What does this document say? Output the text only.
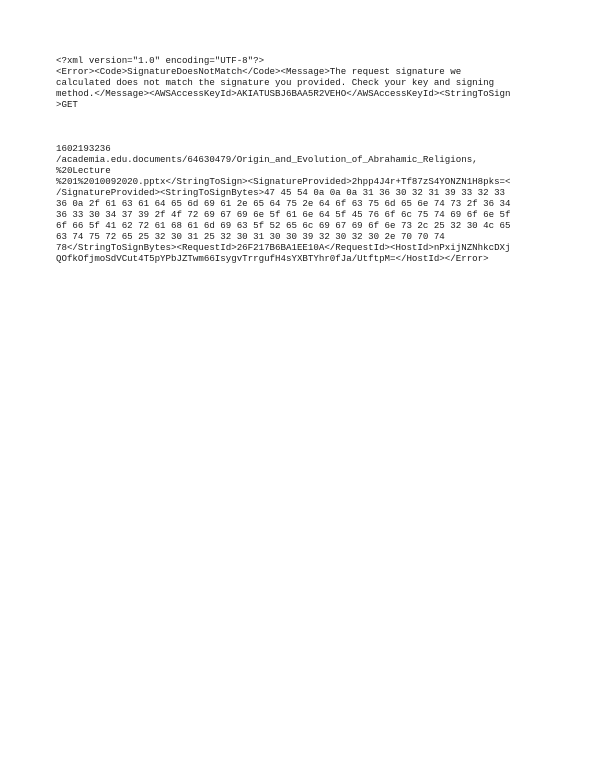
<?xml version="1.0" encoding="UTF-8"?>
<Error><Code>SignatureDoesNotMatch</Code><Message>The request signature we
calculated does not match the signature you provided. Check your key and signing
method.</Message><AWSAccessKeyId>AKIATUSBJ6BAA5R2VEHO</AWSAccessKeyId><StringToSign
>GET
1602193236
/academia.edu.documents/64630479/Origin_and_Evolution_of_Abrahamic_Religions,
%20Lecture
%201%2010092020.pptx</StringToSign><SignatureProvided>2hpp4J4r+Tf87zS4YONZN1H8pks=<
/SignatureProvided><StringToSignBytes>47 45 54 0a 0a 0a 31 36 30 32 31 39 33 32 33
36 0a 2f 61 63 61 64 65 6d 69 61 2e 65 64 75 2e 64 6f 63 75 6d 65 6e 74 73 2f 36 34
36 33 30 34 37 39 2f 4f 72 69 67 69 6e 5f 61 6e 64 5f 45 76 6f 6c 75 74 69 6f 6e 5f
6f 66 5f 41 62 72 61 68 61 6d 69 63 5f 52 65 6c 69 67 69 6f 6e 73 2c 25 32 30 4c 65
63 74 75 72 65 25 32 30 31 25 32 30 31 30 30 39 32 30 32 30 2e 70 70 74
78</StringToSignBytes><RequestId>26F217B6BA1EE10A</RequestId><HostId>nPxijNZNhkcDXj
QOfkOfjmoSdVCut4T5pYPbJZTwm66IsygvTrrgufH4sYXBTYhr0fJa/UtftpM=</HostId></Error>
